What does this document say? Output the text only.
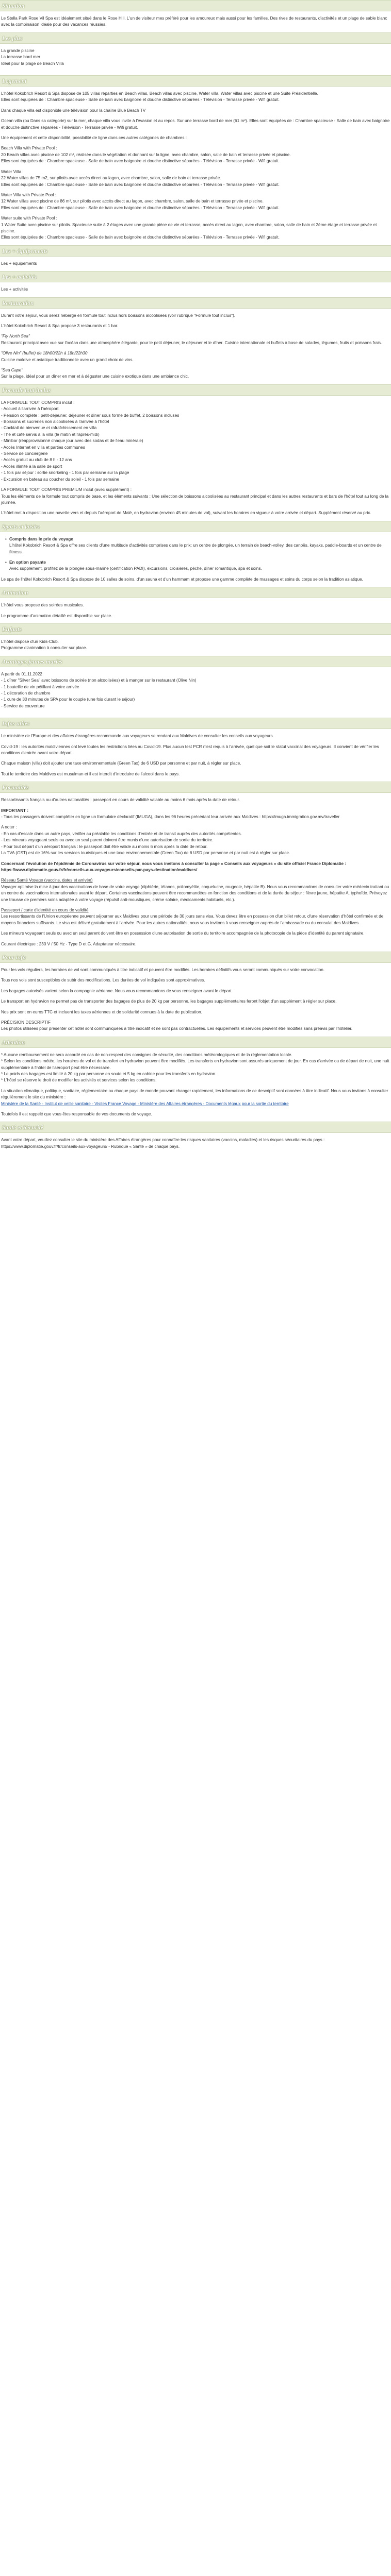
Situation

Le Stella Park Rose Vil Spa est idéalement situé dans le Rose Hill. L'un de visiteur mes préféré pour les amoureux mais aussi pour les familles. Des rives de restaurants, d'activités et un plage de sable blanc avec la combinaison idéale pour des vacances réussies.

Les plus
La grande piscine
La terrasse bord mer
Idéal pour la plage de Beach Villa
Logement

L'hôtel Kokobrich Resort & Spa dispose de 105 villas réparties en Beach villas, Beach villas avec piscine, Water villa, Water villas avec piscine et une Suite Présidentielle.

Elles sont équipées de : Chambre spacieuse - Salle de bain avec baignoire et douche distinctive séparées - Télévision - Terrasse privée - Wifi gratuit.

Dans chaque villa est disponible une télévision pour la chaîne Blue Beach TV

Ocean villa (ou Dans sa catégorie) sur la mer, chaque villa vous invite à l'évasion et au repos. Sur une terrasse bord de mer (61 m²). Elles sont équipées de : Chambre spacieuse - Salle de bain avec baignoire et douche distinctive séparées - Télévision - Terrasse privée - Wifi gratuit.

Une équipement et cette disponibilité, possibilité de ligne dans ces autres catégories de chambres :

Beach Villa with Private Pool :

20 Beach villas avec piscine de 102 m², réalisée dans le végétation et donnant sur la ligne, avec chambre, salon, salle de bain et terrasse privée et piscine.

Elles sont équipées de : Chambre spacieuse - Salle de bain avec baignoire et douche distinctive séparées - Télévision - Terrasse privée - Wifi gratuit.

Water Villa :

22 Water villas de 75 m2, sur pilotis avec accès direct au lagon, avec chambre, salon, salle de bain et terrasse privée.

Elles sont équipées de : Chambre spacieuse - Salle de bain avec baignoire et douche distinctive séparées - Télévision - Terrasse privée - Wifi gratuit.

Water Villa with Private Pool :

12 Water villas avec piscine de 86 m², sur pilotis avec accès direct au lagon, avec chambre, salon, salle de bain et terrasse privée et piscine.

Elles sont équipées de : Chambre spacieuse - Salle de bain avec baignoire et douche distinctive séparées - Télévision - Terrasse privée - Wifi gratuit.

Water suite with Private Pool :

1 Water Suite avec piscine sur pilotis. Spacieuse suite à 2 étages avec une grande pièce de vie et terrasse, accès direct au lagon, avec chambre, salon, salle de bain et 2ème étage et terrasse privée et piscine.

Elles sont équipées de : Chambre spacieuse - Salle de bain avec baignoire et douche distinctive séparées - Télévision - Terrasse privée - Wifi gratuit.

Les + équipements

Les + équipements

Les + activités

Les + activités

Restauration

Durant votre séjour, vous serez hébergé en formule tout inclus hors boissons alcoolisées (voir rubrique "Formule tout inclus").

L'hôtel Kokobrich Resort & Spa propose 3 restaurants et 1 bar.

"Fly North Sea"

Restaurant principal avec vue sur l'océan dans une atmosphère élégante, pour le petit déjeuner, le déjeuner et le dîner. Cuisine internationale et buffets à base de salades, légumes, fruits et poissons frais.

"Olive Nin" (buffet) de 18h00/22h à 18h/22h30

Cuisine maldive et asiatique traditionnelle avec un grand choix de vins.

"Sea Cape"

Sur la plage, idéal pour un dîner en mer et à déguster une cuisine exotique dans une ambiance chic.

Formule tout inclus

LA FORMULE TOUT COMPRIS inclut :

- Accueil à l'arrivée à l'aéroport
- Pension complète : petit-déjeuner, déjeuner et dîner sous forme de buffet, 2 boissons incluses
- Boissons et sucreries non alcoolisées à l'arrivée à l'hôtel
- Cocktail de bienvenue et rafraîchissement en villa
- Thé et café servis à la villa (le matin et l'après-midi)
- Minibar (réapprovisionné chaque jour avec des sodas et de l'eau minérale)
- Accès Internet en villa et parties communes
- Service de conciergerie
- Accès gratuit au club de 8 h - 12 ans
- Accès illimité à la salle de sport
- 1 fois par séjour : sortie snorkeling - 1 fois par semaine sur la plage
- Excursion en bateau au coucher du soleil - 1 fois par semaine

LA FORMULE TOUT COMPRIS PREMIUM inclut (avec supplément) :

Tous les éléments de la formule tout compris de base, et les éléments suivants : Une sélection de boissons alcoolisées au restaurant principal et dans les autres restaurants et bars de l'hôtel tout au long de la journée.

L'hôtel met à disposition une navette vers et depuis l'aéroport de Malé, en hydravion (environ 45 minutes de vol), suivant les horaires en vigueur à votre arrivée et départ. Supplément réservé au prix.

Sports et loisirs
• Compris dans le prix du voyage
L'hôtel Kokobrich Resort & Spa offre ses clients d'une multitude d'activités comprises dans le prix: un centre de plongée, un terrain de beach-volley, des canoës, kayaks, paddle-boards et un centre de fitness.
• En option payante
Avec supplément, profitez de la plongée sous-marine (certification PADI), excursions, croisières, pêche, dîner romantique, spa et soins.

Le spa de l'hôtel Kokobrich Resort & Spa dispose de 10 salles de soins, d'un sauna et d'un hammam et propose une gamme complète de massages et soins du corps selon la tradition asiatique.

Animation

L'hôtel vous propose des soirées musicales.

Le programme d'animation détaillé est disponible sur place.

Enfants

L'hôtel dispose d'un Kids-Club.

Programme d'animation à consulter sur place.

Avantages jeunes mariés
A partir du 01.11.2022
- 1 dîner "Silver Sea" avec boissons de soirée (non alcoolisées) et à manger sur le restaurant (Olive Nin)
- 1 bouteille de vin pétillant à votre arrivée
- 1 décoration de chambre
- 1 cure de 30 minutes de SPA pour le couple (une fois durant le séjour)
- Service de couverture
Infos utiles

Le ministère de l'Europe et des affaires étrangères recommande aux voyageurs se rendant aux Maldives de consulter les conseils aux voyageurs.

Covid-19 : les autorités maldiviennes ont levé toutes les restrictions liées au Covid-19. Plus aucun test PCR n'est requis à l'arrivée, quel que soit le statut vaccinal des voyageurs. Il convient de vérifier les conditions d'entrée avant votre départ.

Chaque maison (villa) doit ajouter une taxe environnementale (Green Tax) de 6 USD par personne et par nuit, à régler sur place.

Tout le territoire des Maldives est musulman et il est interdit d'introduire de l'alcool dans le pays.

Formalités

Ressortissants français ou d'autres nationalités : passeport en cours de validité valable au moins 6 mois après la date de retour.

IMPORTANT :

- Tous les passagers doivent compléter en ligne un formulaire déclaratif (IMUGA), dans les 96 heures précédant leur arrivée aux Maldives : https://imuga.immigration.gov.mv/traveller

A noter :

- En cas d'escale dans un autre pays, vérifier au préalable les conditions d'entrée et de transit auprès des autorités compétentes.
- Les mineurs voyageant seuls ou avec un seul parent doivent être munis d'une autorisation de sortie du territoire.
- Pour tout départ d'un aéroport français : le passeport doit être valide au moins 6 mois après la date de retour.

La TVA (GST) est de 16% sur les services touristiques et une taxe environnementale (Green Tax) de 6 USD par personne et par nuit est à régler sur place.

Concernant l'évolution de l'épidémie de Coronavirus sur votre séjour, nous vous invitons à consulter la page « Conseils aux voyageurs » du site officiel France Diplomatie : https://www.diplomatie.gouv.fr/fr/conseils-aux-voyageurs/conseils-par-pays-destination/maldives/

Réseau Santé Voyage (vaccins, dates et arrivée)

Voyager optimise la mise à jour des vaccinations de base de votre voyage (diphtérie, tétanos, poliomyélite, coqueluche, rougeole, hépatite B). Nous vous recommandons de consulter votre médecin traitant ou un centre de vaccinations internationales avant le départ. Certaines vaccinations peuvent être recommandées en fonction des conditions et de la durée du séjour : fièvre jaune, hépatite A, typhoïde. Prévoyez une trousse de premiers soins adaptée à votre voyage (répulsif anti-moustiques, crème solaire, médicaments habituels, etc.).

Passeport / carte d'identité en cours de validité

Les ressortissants de l'Union européenne peuvent séjourner aux Maldives pour une période de 30 jours sans visa. Vous devez être en possession d'un billet retour, d'une réservation d'hôtel confirmée et de moyens financiers suffisants. Le visa est délivré gratuitement à l'arrivée. Pour les autres nationalités, nous vous invitons à vous renseigner auprès de l'ambassade ou du consulat des Maldives.

Les mineurs voyageant seuls ou avec un seul parent doivent être en possession d'une autorisation de sortie du territoire accompagnée de la photocopie de la pièce d'identité du parent signataire.

Courant électrique : 230 V / 50 Hz - Type D et G. Adaptateur nécessaire.

Pour info

Pour les vols réguliers, les horaires de vol sont communiqués à titre indicatif et peuvent être modifiés. Les horaires définitifs vous seront communiqués sur votre convocation.

Tous nos vols sont susceptibles de subir des modifications. Les durées de vol indiquées sont approximatives.

Les bagages autorisés varient selon la compagnie aérienne. Nous vous recommandons de vous renseigner avant le départ.

Le transport en hydravion ne permet pas de transporter des bagages de plus de 20 kg par personne, les bagages supplémentaires feront l'objet d'un supplément à régler sur place.

Nos prix sont en euros TTC et incluent les taxes aériennes et de solidarité connues à la date de publication.

PRÉCISION DESCRIPTIF

Les photos utilisées pour présenter cet hôtel sont communiquées à titre indicatif et ne sont pas contractuelles. Les équipements et services peuvent être modifiés sans préavis par l'hôtelier.

Attention

* Aucune remboursement ne sera accordé en cas de non-respect des consignes de sécurité, des conditions météorologiques et de la réglementation locale.

* Selon les conditions météo, les horaires de vol et de transfert en hydravion peuvent être modifiés. Les transferts en hydravion sont assurés uniquement de jour. En cas d'arrivée ou de départ de nuit, une nuit supplémentaire à l'hôtel de l'aéroport peut être nécessaire.

* Le poids des bagages est limité à 20 kg par personne en soute et 5 kg en cabine pour les transferts en hydravion.

* L'hôtel se réserve le droit de modifier les activités et services selon les conditions.

La situation climatique, politique, sanitaire, réglementaire ou chaque pays de monde pouvant changer rapidement, les informations de ce descriptif sont données à titre indicatif. Nous vous invitons à consulter régulièrement le site du ministère :

Ministère de la Santé - Institut de veille sanitaire - Visites France Voyage - Ministère des Affaires étrangères - Documents légaux pour la sortie du territoire

Toutefois il est rappelé que vous êtes responsable de vos documents de voyage.

Santé et Sécurité

Avant votre départ, veuillez consulter le site du ministère des Affaires étrangères pour connaître les risques sanitaires (vaccins, maladies) et les risques sécuritaires du pays : https://www.diplomatie.gouv.fr/fr/conseils-aux-voyageurs/ - Rubrique « Santé » de chaque pays.
